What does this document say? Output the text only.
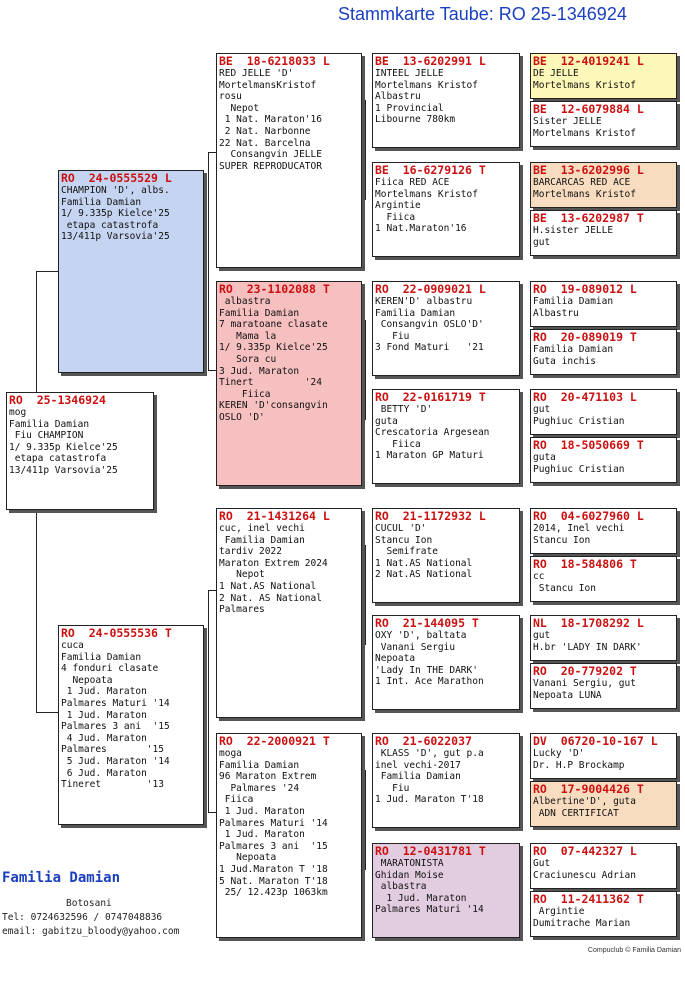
Stammkarte Taube: RO 25-1346924
RO  25-1346924
mog
Familia Damian
Fiu CHAMPION
1/ 9.335p Kielce'25
etapa catastrofa
13/411p Varsovia'25
RO  24-0555529 L
CHAMPION 'D', albs.
Familia Damian
1/ 9.335p Kielce'25
etapa catastrofa
13/411p Varsovia'25
RO  24-0555536 T
cuca
Familia Damian
4 fonduri clasate
Nepoata
1 Jud. Maraton
Palmares Maturi '14
1 Jud. Maraton
Palmares 3 ani  '15
4 Jud. Maraton
Palmares       '15
5 Jud. Maraton '14
6 Jud. Maraton
Tineret        '13
BE  18-6218033 L
RED JELLE 'D'
MortelmansKristof
rosu
Nepot
1 Nat. Maraton'16
2 Nat. Narbonne
22 Nat. Barcelna
Consangvin JELLE
SUPER REPRODUCATOR
RO  23-1102088 T
albastra
Familia Damian
7 maratoane clasate
Mama la
1/ 9.335p Kielce'25
Sora cu
3 Jud. Maraton
Tinert         '24
Fiica
KEREN 'D'consangvin
OSLO 'D'
RO  21-1431264 L
cuc, inel vechi
Familia Damian
tardiv 2022
Maraton Extrem 2024
Nepot
1 Nat.AS National
2 Nat. AS National
Palmares
RO  22-2000921 T
moga
Familia Damian
96 Maraton Extrem
Palmares '24
Fiica
1 Jud. Maraton
Palmares Maturi '14
1 Jud. Maraton
Palmares 3 ani  '15
Nepoata
1 Jud.Maraton T '18
5 Nat. Maraton T'18
25/ 12.423p 1063km
BE  13-6202991 L
INTEEL JELLE
Mortelmans Kristof
Albastru
1 Provincial
Libourne 780km
BE  16-6279126 T
Fiica RED ACE
Mortelmans Kristof
Argintie
Fiica
1 Nat.Maraton'16
RO  22-0909021 L
KEREN'D' albastru
Familia Damian
Consangvin OSLO'D'
Fiu
3 Fond Maturi   '21
RO  22-0161719 T
BETTY 'D'
guta
Crescatoria Argesean
Fiica
1 Maraton GP Maturi
RO  21-1172932 L
CUCUL 'D'
Stancu Ion
Semifrate
1 Nat.AS National
2 Nat.AS National
RO  21-144095 T
OXY 'D', baltata
Vanani Sergiu
Nepoata
'Lady In THE DARK'
1 Int. Ace Marathon
RO  21-6022037
KLASS 'D', gut p.a
inel vechi-2017
Familia Damian
Fiu
1 Jud. Maraton T'18
RO  12-0431781 T
MARATONISTA
Ghidan Moise
albastra
1 Jud. Maraton
Palmares Maturi '14
BE  12-4019241 L
DE JELLE
Mortelmans Kristof
BE  12-6079884 L
Sister JELLE
Mortelmans Kristof
BE  13-6202996 L
BARCARCAS RED ACE
Mortelmans Kristof
BE  13-6202987 T
H.sister JELLE
gut
RO  19-089012 L
Familia Damian
Albastru
RO  20-089019 T
Familia Damian
Guta inchis
RO  20-471103 L
gut
Pughiuc Cristian
RO  18-5050669 T
guta
Pughiuc Cristian
RO  04-6027960 L
2014, Inel vechi
Stancu Ion
RO  18-584806 T
cc
Stancu Ion
NL  18-1708292 L
gut
H.br 'LADY IN DARK'
RO  20-779202 T
Vanani Sergiu, gut
Nepoata LUNA
DV  06720-10-167 L
Lucky 'D'
Dr. H.P Brockamp
RO  17-9004426 T
Albertine'D', guta
ADN CERTIFICAT
RO  07-442327 L
Gut
Craciunescu Adrian
RO  11-2411362 T
Argintie
Dumitrache Marian
Familia Damian
Botosani
Tel: 0724632596 / 0747048836
email: gabitzu_bloody@yahoo.com
Compuclub © Familia Damian
